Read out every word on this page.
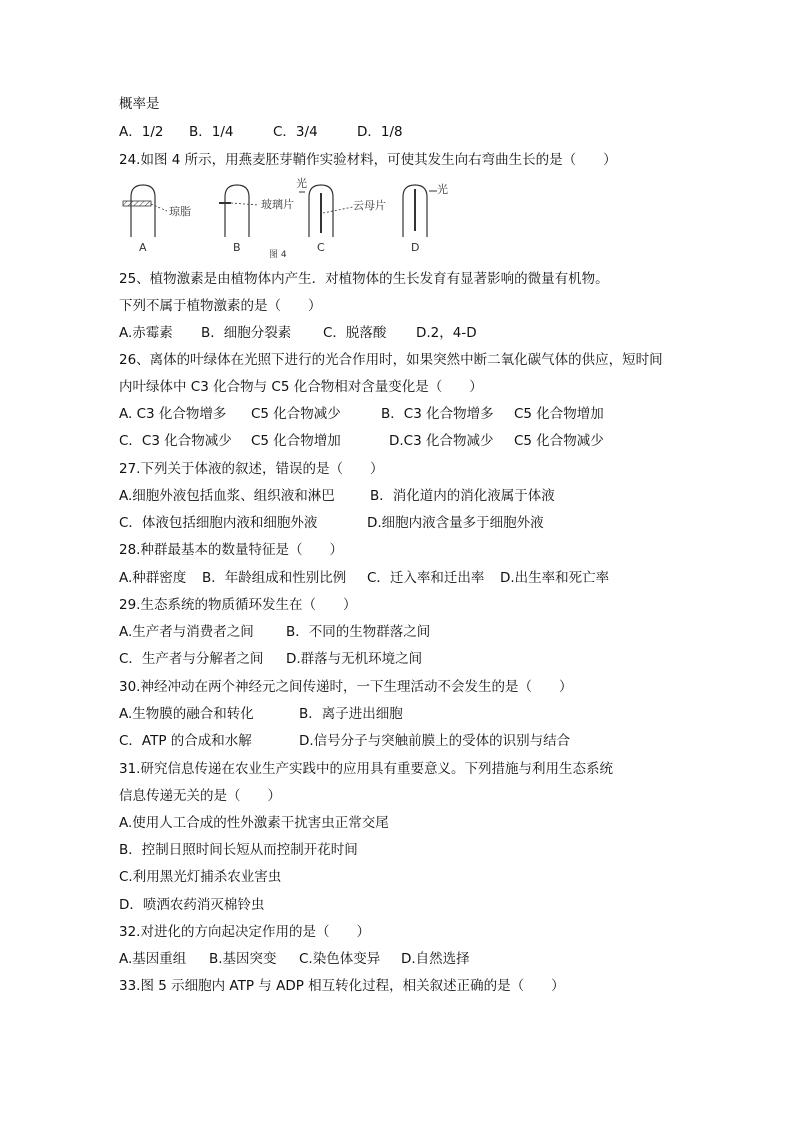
概率是
A．1/2 B．1/4	C．3/4	D．1/8
24.如图 4 所示，用燕麦胚芽鞘作实验材料，可使其发生向右弯曲生长的是（　　）
琼脂
玻璃片
光
云母片
光
A	B	C	D
图 4
25、植物激素是由植物体内产生．对植物体的生长发育有显著影响的微量有机物。
下列不属于植物激素的是（　　）
A.赤霉素 B．细胞分裂素 C．脱落酸 D.2，4-D
26、离体的叶绿体在光照下进行的光合作用时，如果突然中断二氧化碳气体的供应，短时间
内叶绿体中 C3 化合物与 C5 化合物相对含量变化是（　　）
A. C3 化合物增多 C5 化合物减少	B．C3 化合物增多 C5 化合物增加
C．C3 化合物减少 C5 化合物增加	D.C3 化合物减少 C5 化合物减少
27.下列关于体液的叙述，错误的是（　　）
A.细胞外液包括血浆、组织液和淋巴	B．消化道内的消化液属于体液
C．体液包括细胞内液和细胞外液	D.细胞内液含量多于细胞外液
28.种群最基本的数量特征是（　　）
A.种群密度 B．年龄组成和性别比例 C．迁入率和迁出率 D.出生率和死亡率
29.生态系统的物质循环发生在（　　）
A.生产者与消费者之间 B．不同的生物群落之间
C．生产者与分解者之间 D.群落与无机环境之间
30.神经冲动在两个神经元之间传递时，一下生理活动不会发生的是（　　）
A.生物膜的融合和转化	B．离子进出细胞
C．ATP 的合成和水解	D.信号分子与突触前膜上的受体的识别与结合
31.研究信息传递在农业生产实践中的应用具有重要意义。下列措施与利用生态系统
信息传递无关的是（　　）
A.使用人工合成的性外激素干扰害虫正常交尾
B．控制日照时间长短从而控制开花时间
C.利用黑光灯捕杀农业害虫
D．喷洒农药消灭棉铃虫
32.对进化的方向起决定作用的是（　　）
A.基因重组 B.基因突变 C.染色体变异 D.自然选择
33.图 5 示细胞内 ATP 与 ADP 相互转化过程，相关叙述正确的是（　　）
